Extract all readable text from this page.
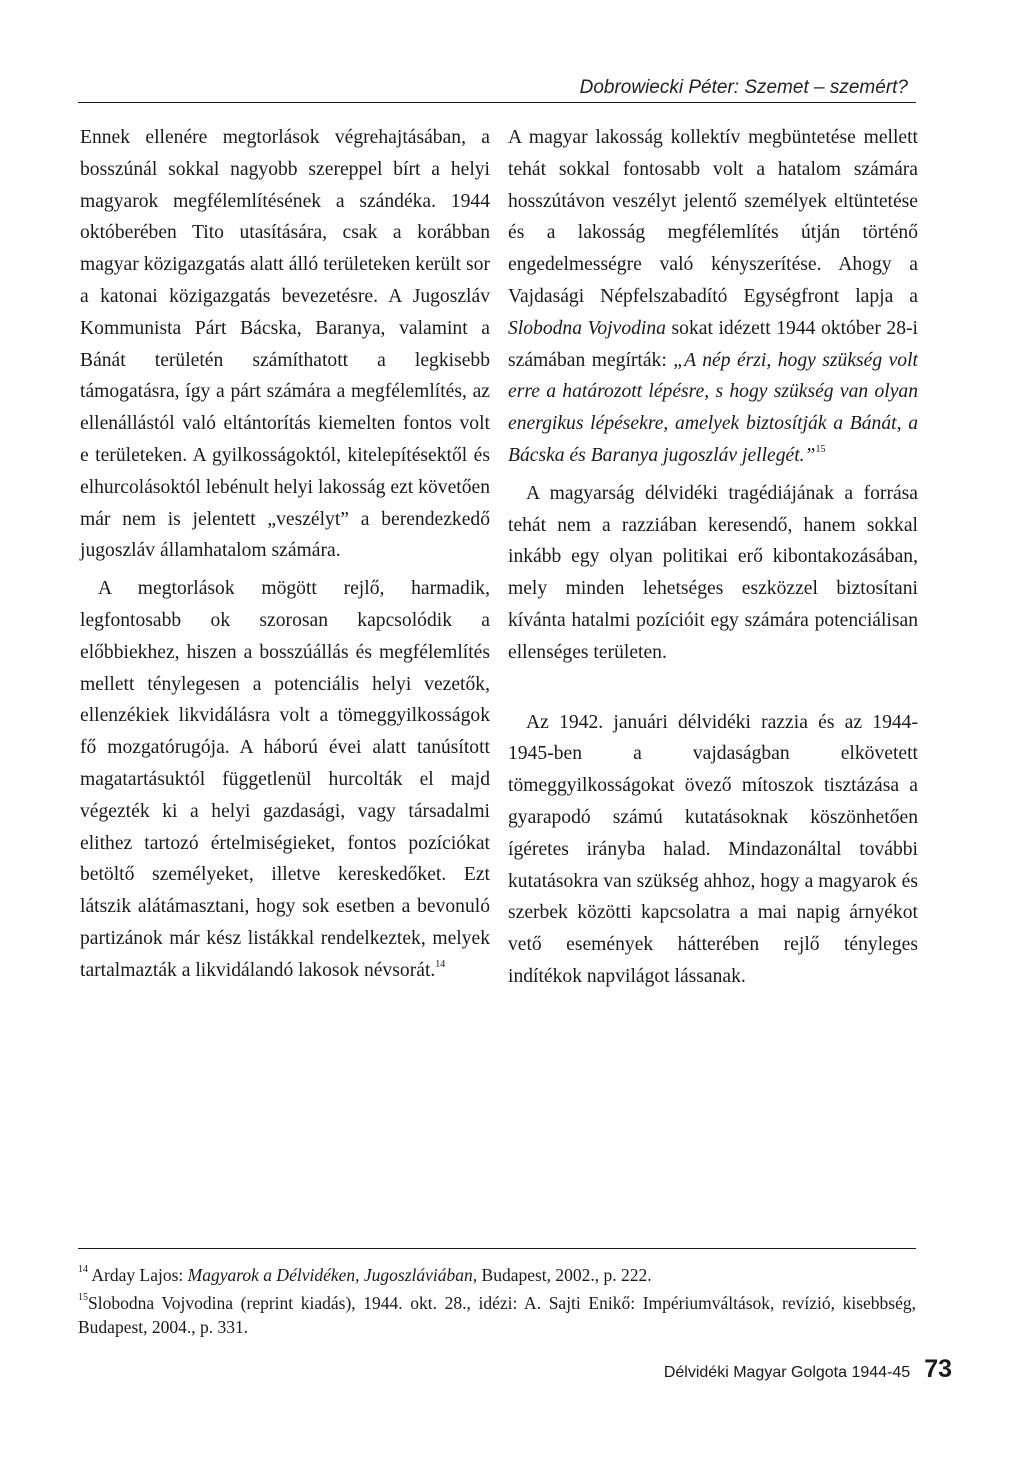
Dobrowiecki Péter: Szemet – szemért?

Ennek ellenére megtorlások végrehajtásában, a bosszúnál sokkal nagyobb szereppel bírt a helyi magyarok megfélemlítésének a szándéka. 1944 októberében Tito utasítására, csak a korábban magyar közigazgatás alatt álló területeken került sor a katonai közigazgatás bevezetésre. A Jugoszláv Kommunista Párt Bácska, Baranya, valamint a Bánát területén számíthatott a legkisebb támogatásra, így a párt számára a megfélemlítés, az ellenállástól való eltántorítás kiemelten fontos volt e területeken. A gyilkosságoktól, kitelepítésektől és elhurcolásoktól lebénult helyi lakosság ezt követően már nem is jelentett „veszélyt” a berendezkedő jugoszláv államhatalom számára.

A megtorlások mögött rejlő, harmadik, legfontosabb ok szorosan kapcsolódik a előbbiekhez, hiszen a bosszúállás és megfélemlítés mellett ténylegesen a potenciális helyi vezetők, ellenzékiek likvidálásra volt a tömeggyilkosságok fő mozgatórugója. A háború évei alatt tanúsított magatartásuktól függetlenül hurcolták el majd végezték ki a helyi gazdasági, vagy társadalmi elithez tartozó értelmiségieket, fontos pozíciókat betöltő személyeket, illetve kereskedőket. Ezt látszik alátámasztani, hogy sok esetben a bevonuló partizánok már kész listákkal rendelkeztek, melyek tartalmazták a likvidálandó lakosok névsorát.$^{14}$

A magyar lakosság kollektív megbüntetése mellett tehát sokkal fontosabb volt a hatalom számára hosszútávon veszélyt jelentő személyek eltüntetése és a lakosság megfélemlítés útján történő engedelmességre való kényszerítése. Ahogy a Vajdasági Népfelszabadító Egységfront lapja a Slobodna Vojvodina sokat idézett 1944 október 28-i számában megírták: „A nép érzi, hogy szükség volt erre a határozott lépésre, s hogy szükség van olyan energikus lépésekre, amelyek biztosítják a Bánát, a Bácska és Baranya jugoszláv jellegét.”$^{15}$

A magyarság délvidéki tragédiájának a forrása tehát nem a razziában keresendő, hanem sokkal inkább egy olyan politikai erő kibontakozásában, mely minden lehetséges eszközzel biztosítani kívánta hatalmi pozícióit egy számára potenciálisan ellenséges területen.

Az 1942. januári délvidéki razzia és az 1944-1945-ben a vajdaságban elkövetett tömeggyilkosságokat övező mítoszok tisztázása a gyarapodó számú kutatásoknak köszönhetően ígéretes irányba halad. Mindazonáltal további kutatásokra van szükség ahhoz, hogy a magyarok és szerbek közötti kapcsolatra a mai napig árnyékot vető események hátterében rejlő tényleges indítékok napvilágot lássanak.

$^{14}$ Arday Lajos: Magyarok a Délvidéken, Jugoszláviában, Budapest, 2002., p. 222.

$^{15}$Slobodna Vojvodina (reprint kiadás), 1944. okt. 28., idézi: A. Sajti Enikő: Impériumváltások, revízió, kisebbség, Budapest, 2004., p. 331.

Délvidéki Magyar Golgota 1944-45 73
